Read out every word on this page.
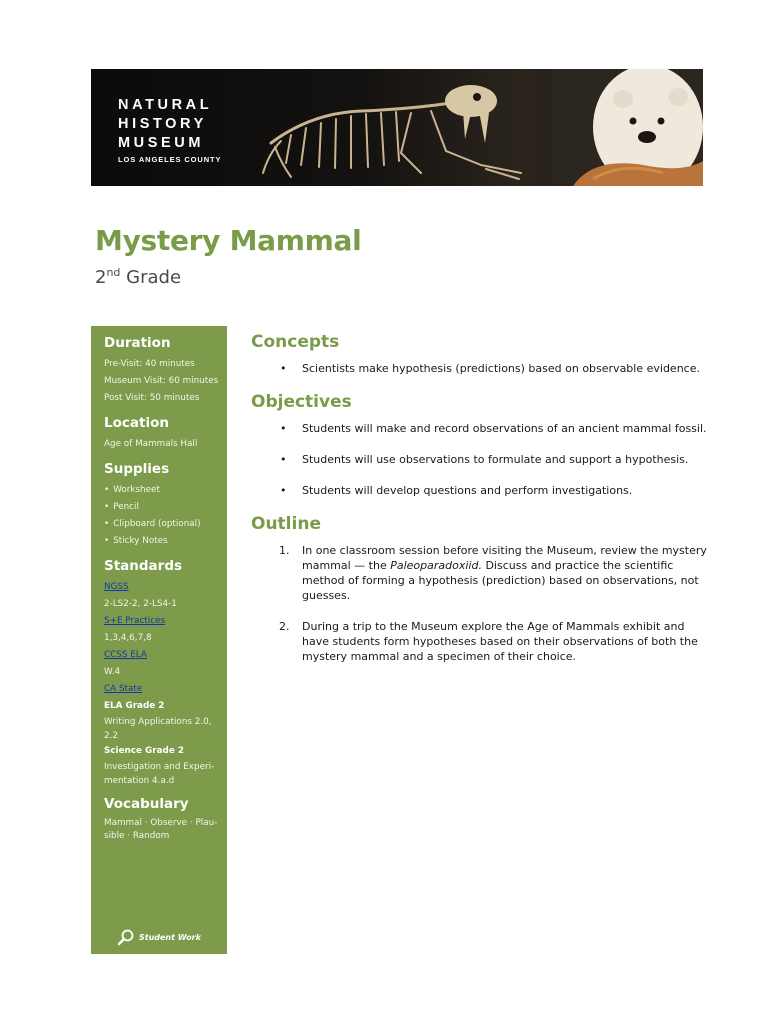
NATURAL
HISTORY
MUSEUM
LOS ANGELES COUNTY
Mystery Mammal
2nd Grade
Duration
Pre-Visit: 40 minutes
Museum Visit: 60 minutes
Post Visit: 50 minutes
Location
Age of Mammals Hall
Supplies
• Worksheet
• Pencil
• Clipboard (optional)
• Sticky Notes
Standards
NGSS
2-LS2-2, 2-LS4-1
S+E Practices
1,3,4,6,7,8
CCSS ELA
W.4
CA State
ELA Grade 2
Writing Applications 2.0,
2.2
Science Grade 2
Investigation and Experi-
mentation 4.a.d
Vocabulary
Mammal · Observe · Plau-
sible · Random
Student Work
Concepts
• Scientists make hypothesis (predictions) based on observable evidence.
Objectives
• Students will make and record observations of an ancient mammal fossil.
• Students will use observations to formulate and support a hypothesis.
• Students will develop questions and perform investigations.
Outline
1. In one classroom session before visiting the Museum, review the mystery mammal — the Paleoparadoxiid. Discuss and practice the scientific method of forming a hypothesis (prediction) based on observations, not guesses.
2. During a trip to the Museum explore the Age of Mammals exhibit and have students form hypotheses based on their observations of both the mystery mammal and a specimen of their choice.
